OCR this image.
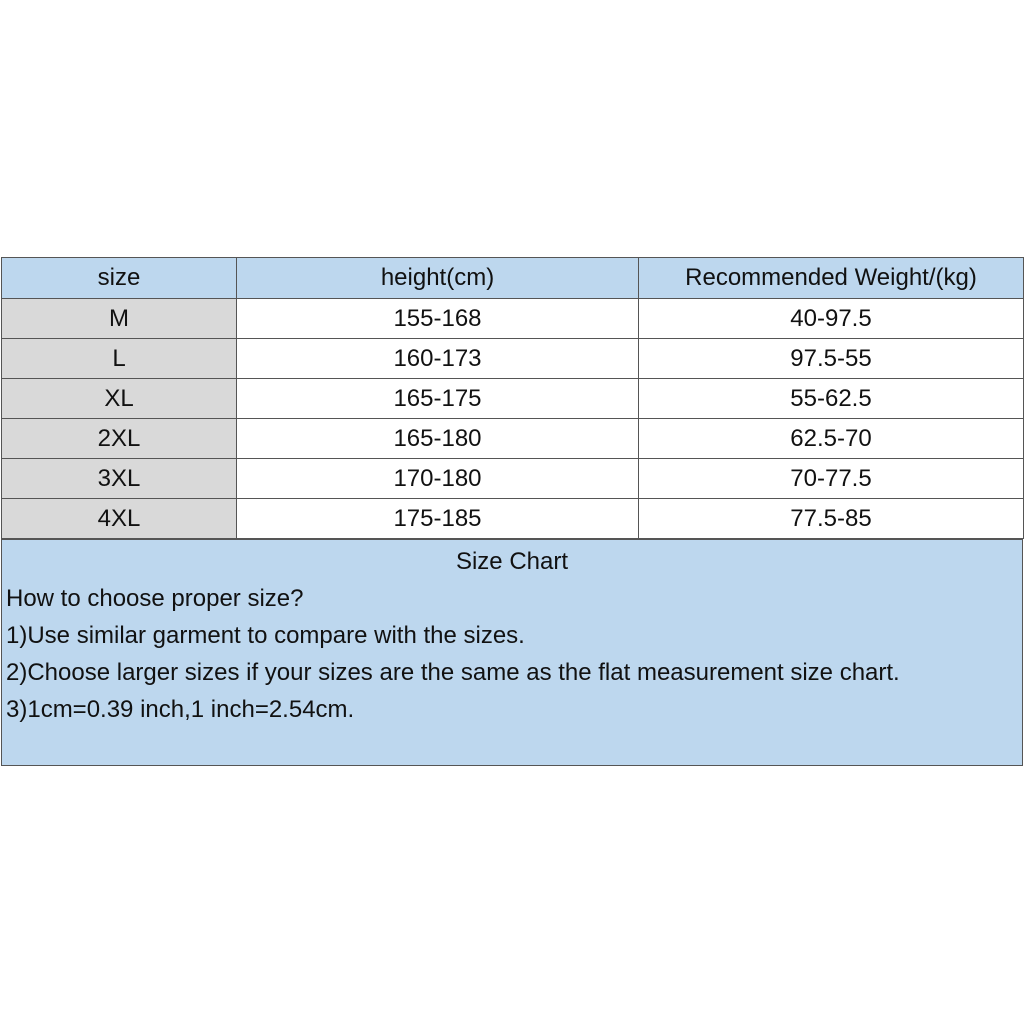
size	height(cm)	Recommended Weight/(kg)
M	155-168	40-97.5
L	160-173	97.5-55
XL	165-175	55-62.5
2XL	165-180	62.5-70
3XL	170-180	70-77.5
4XL	175-185	77.5-85
Size Chart
How to choose proper size?
1)Use similar garment to compare with the sizes.
2)Choose larger sizes if your sizes are the same as the flat measurement size chart.
3)1cm=0.39 inch,1 inch=2.54cm.
